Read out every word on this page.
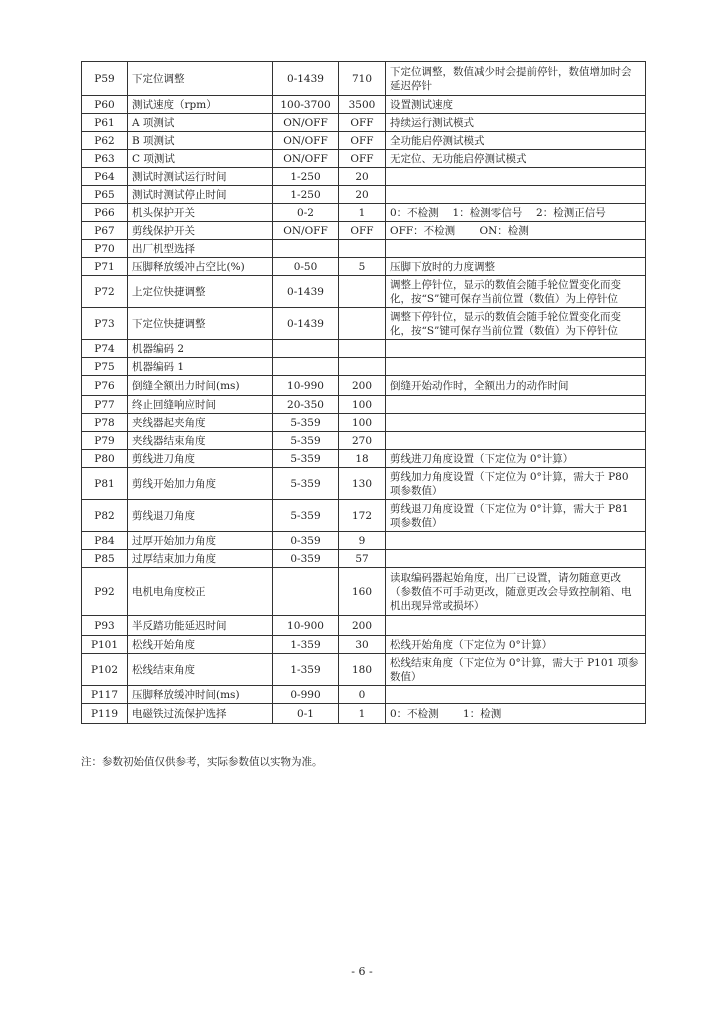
P59	下定位调整	0-1439	710	下定位调整，数值减少时会提前停针，数值增加时会延迟停针
P60	测试速度（rpm）	100-3700	3500	设置测试速度
P61	A 项测试	ON/OFF	OFF	持续运行测试模式
P62	B 项测试	ON/OFF	OFF	全功能启停测试模式
P63	C 项测试	ON/OFF	OFF	无定位、无功能启停测试模式
P64	测试时测试运行时间	1-250	20	
P65	测试时测试停止时间	1-250	20	
P66	机头保护开关	0-2	1	0：不检测　 1：检测零信号　 2：检测正信号
P67	剪线保护开关	ON/OFF	OFF	OFF：不检测　　 ON：检测
P70	出厂机型选择			
P71	压脚释放缓冲占空比(%)	0-50	5	压脚下放时的力度调整
P72	上定位快捷调整	0-1439		调整上停针位，显示的数值会随手轮位置变化而变化，按“S”键可保存当前位置（数值）为上停针位
P73	下定位快捷调整	0-1439		调整下停针位，显示的数值会随手轮位置变化而变化，按“S”键可保存当前位置（数值）为下停针位
P74	机器编码 2			
P75	机器编码 1			
P76	倒缝全额出力时间(ms)	10-990	200	倒缝开始动作时，全额出力的动作时间
P77	终止回缝响应时间	20-350	100	
P78	夹线器起夹角度	5-359	100	
P79	夹线器结束角度	5-359	270	
P80	剪线进刀角度	5-359	18	剪线进刀角度设置（下定位为 0°计算）
P81	剪线开始加力角度	5-359	130	剪线加力角度设置（下定位为 0°计算，需大于 P80 项参数值）
P82	剪线退刀角度	5-359	172	剪线退刀角度设置（下定位为 0°计算，需大于 P81 项参数值）
P84	过厚开始加力角度	0-359	9	
P85	过厚结束加力角度	0-359	57	
P92	电机电角度校正		160	读取编码器起始角度，出厂已设置，请勿随意更改（参数值不可手动更改，随意更改会导致控制箱、电机出现异常或损坏）
P93	半反踏功能延迟时间	10-900	200	
P101	松线开始角度	1-359	30	松线开始角度（下定位为 0°计算）
P102	松线结束角度	1-359	180	松线结束角度（下定位为 0°计算，需大于 P101 项参数值）
P117	压脚释放缓冲时间(ms)	0-990	0	
P119	电磁铁过流保护选择	0-1	1	0：不检测　　 1：检测
注：参数初始值仅供参考，实际参数值以实物为准。
- 6 -
